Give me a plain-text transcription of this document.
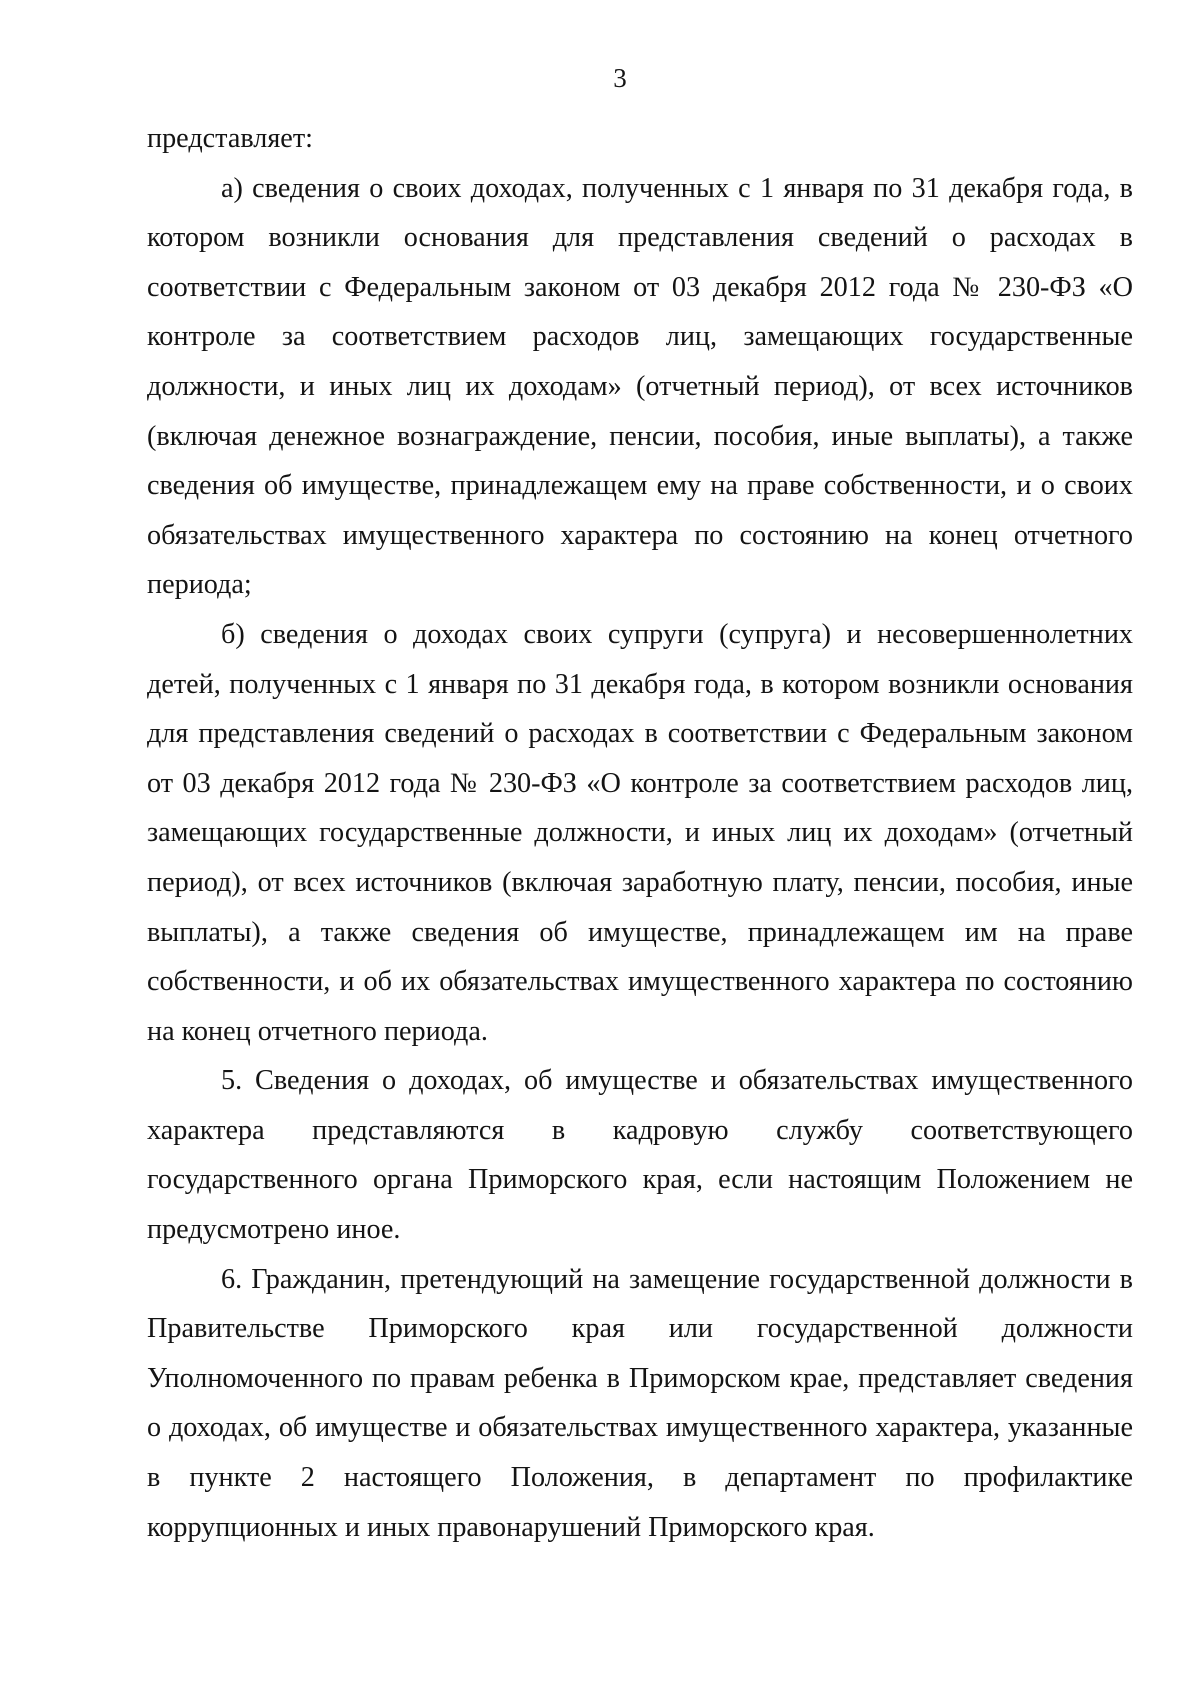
3

представляет:

а) сведения о своих доходах, полученных с 1 января по 31 декабря года, в котором возникли основания для представления сведений о расходах в соответствии с Федеральным законом от 03 декабря 2012 года № 230-ФЗ «О контроле за соответствием расходов лиц, замещающих государственные должности, и иных лиц их доходам» (отчетный период), от всех источников (включая денежное вознаграждение, пенсии, пособия, иные выплаты), а также сведения об имуществе, принадлежащем ему на праве собственности, и о своих обязательствах имущественного характера по состоянию на конец отчетного периода;

б) сведения о доходах своих супруги (супруга) и несовершеннолетних детей, полученных с 1 января по 31 декабря года, в котором возникли основания для представления сведений о расходах в соответствии с Федеральным законом от 03 декабря 2012 года № 230-ФЗ «О контроле за соответствием расходов лиц, замещающих государственные должности, и иных лиц их доходам» (отчетный период), от всех источников (включая заработную плату, пенсии, пособия, иные выплаты), а также сведения об имуществе, принадлежащем им на праве собственности, и об их обязательствах имущественного характера по состоянию на конец отчетного периода.

5. Сведения о доходах, об имуществе и обязательствах имущественного характера представляются в кадровую службу соответствующего государственного органа Приморского края, если настоящим Положением не предусмотрено иное.

6. Гражданин, претендующий на замещение государственной должности в Правительстве Приморского края или государственной должности Уполномоченного по правам ребенка в Приморском крае, представляет сведения о доходах, об имуществе и обязательствах имущественного характера, указанные в пункте 2 настоящего Положения, в департамент по профилактике коррупционных и иных правонарушений Приморского края.
